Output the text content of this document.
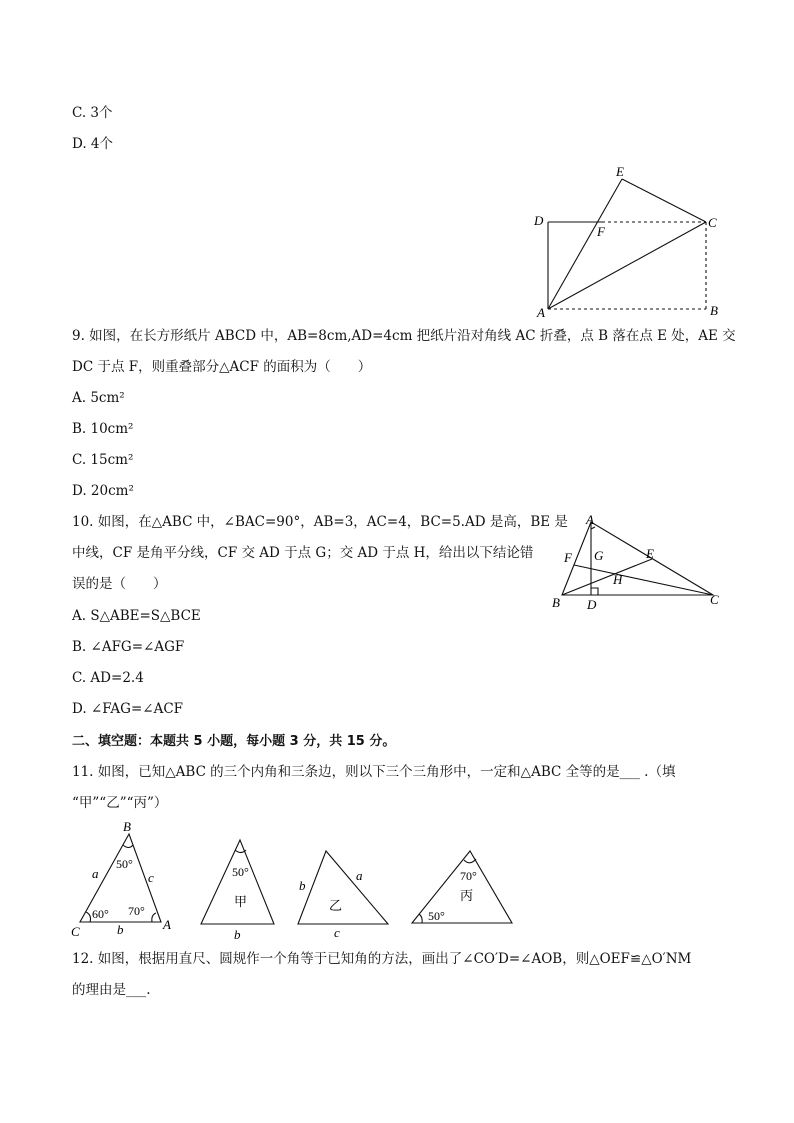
C. 3个
D. 4个
E
D
F
C
A	B
9. 如图，在长方形纸片 ABCD 中，AB=8cm,AD=4cm 把纸片沿对角线 AC 折叠，点 B 落在点 E 处，AE 交
DC 于点 F，则重叠部分△ACF 的面积为（　　）
A. 5cm²
B. 10cm²
C. 15cm²
D. 20cm²
A
F G	E
H
B D	C
10. 如图，在△ABC 中，∠BAC=90°，AB=3，AC=4，BC=5.AD 是高，BE 是
中线，CF 是角平分线，CF 交 AD 于点 G；交 AD 于点 H，给出以下结论错
误的是（　　）
A. S△ABE=S△BCE
B. ∠AFG=∠AGF
C. AD=2.4
D. ∠FAG=∠ACF
二、填空题：本题共 5 小题，每小题 3 分，共 15 分。
11. 如图，已知△ABC 的三个内角和三条边，则以下三个三角形中，一定和△ABC 全等的是___ .（填
“甲”“乙”“丙”）
B
C	A
a	c
b
50°
60° 70°
50°
甲
b
b
a
乙
c
70°
丙
50°
12. 如图，根据用直尺、圆规作一个角等于已知角的方法，画出了∠CO′D=∠AOB，则△OEF≌△O′NM
的理由是___.
